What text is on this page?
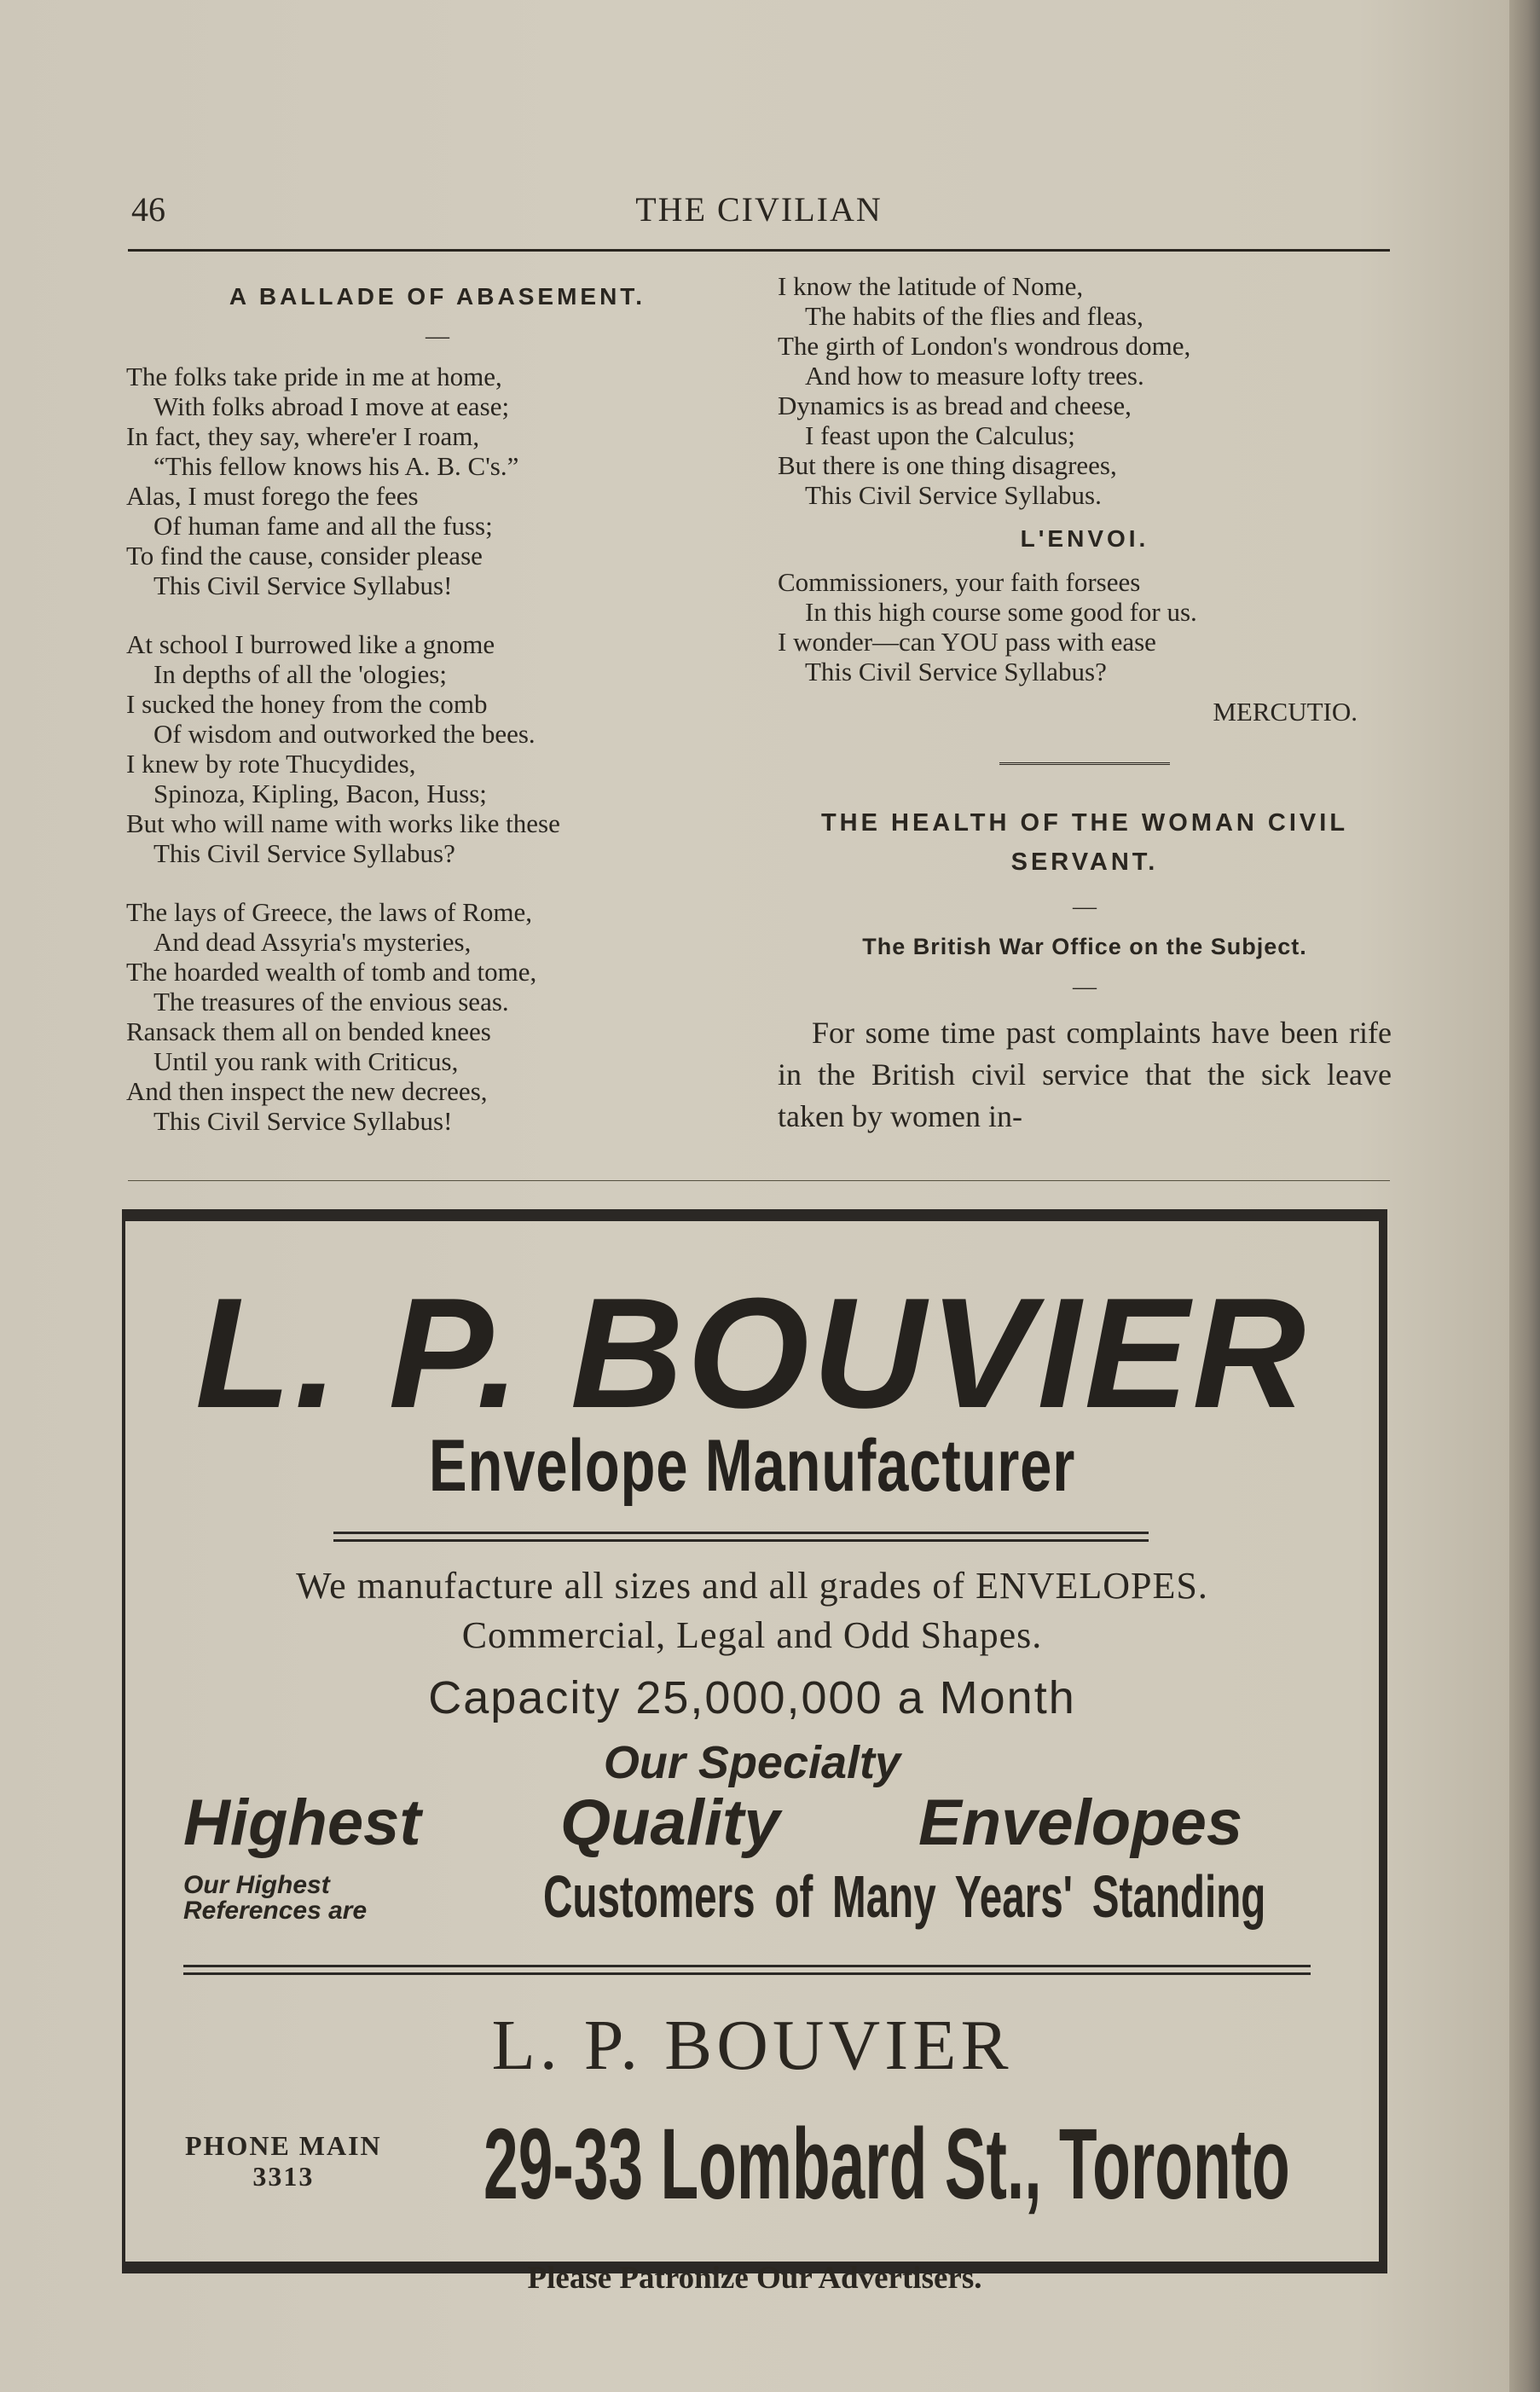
46	THE CIVILIAN
A BALLADE OF ABASEMENT.
—
The folks take pride in me at home,
With folks abroad I move at ease;
In fact, they say, where'er I roam,
“This fellow knows his A. B. C's.”
Alas, I must forego the fees
Of human fame and all the fuss;
To find the cause, consider please
This Civil Service Syllabus!
At school I burrowed like a gnome
In depths of all the 'ologies;
I sucked the honey from the comb
Of wisdom and outworked the bees.
I knew by rote Thucydides,
Spinoza, Kipling, Bacon, Huss;
But who will name with works like these
This Civil Service Syllabus?
The lays of Greece, the laws of Rome,
And dead Assyria's mysteries,
The hoarded wealth of tomb and tome,
The treasures of the envious seas.
Ransack them all on bended knees
Until you rank with Criticus,
And then inspect the new decrees,
This Civil Service Syllabus!
I know the latitude of Nome,
The habits of the flies and fleas,
The girth of London's wondrous dome,
And how to measure lofty trees.
Dynamics is as bread and cheese,
I feast upon the Calculus;
But there is one thing disagrees,
This Civil Service Syllabus.
L'ENVOI.
Commissioners, your faith forsees
In this high course some good for us.
I wonder—can YOU pass with ease
This Civil Service Syllabus?
MERCUTIO.
THE HEALTH OF THE WOMAN CIVIL
SERVANT.
—
The British War Office on the Subject.
—
For some time past complaints have been rife in the British civil service that the sick leave taken by women in-
L. P. BOUVIER
Envelope Manufacturer
We manufacture all sizes and all grades of ENVELOPES.
Commercial, Legal and Odd Shapes.
Capacity 25,000,000 a Month
Our Specialty
Highest Quality Envelopes
Our Highest
References are	Customers of Many Years' Standing
L. P. BOUVIER
PHONE MAIN
3313	29-33 Lombard St., Toronto
Please Patronize Our Advertisers.
